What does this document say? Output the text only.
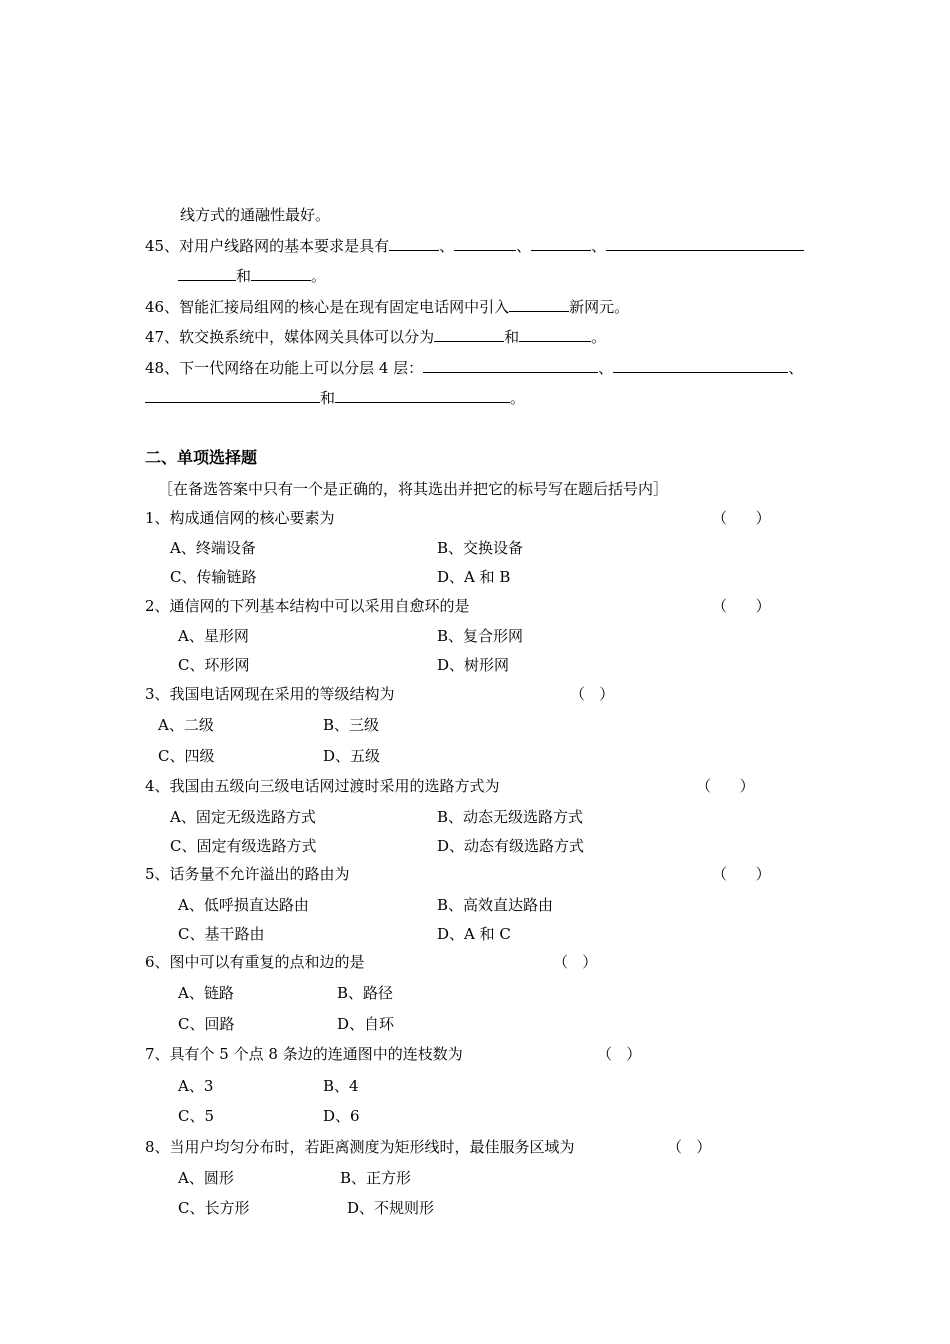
线方式的通融性最好。
45、对用户线路网的基本要求是具有	、	、	、
和	。
46、智能汇接局组网的核心是在现有固定电话网中引入	新网元。
47、软交换系统中，媒体网关具体可以分为	和	。
48、下一代网络在功能上可以分层 4 层：	、	、
和	。
二、单项选择题
［在备选答案中只有一个是正确的，将其选出并把它的标号写在题后括号内］
1、构成通信网的核心要素为	（      ）
A、终端设备	B、交换设备
C、传输链路	D、A 和 B
2、通信网的下列基本结构中可以采用自愈环的是	（      ）
A、星形网	B、复合形网
C、环形网	D、树形网
3、我国电话网现在采用的等级结构为	（   ）
A、二级	B、三级
C、四级	D、五级
4、我国由五级向三级电话网过渡时采用的选路方式为	（      ）
A、固定无级选路方式	B、动态无级选路方式
C、固定有级选路方式	D、动态有级选路方式
5、话务量不允许溢出的路由为	（      ）
A、低呼损直达路由	B、高效直达路由
C、基干路由	D、A 和 C
6、图中可以有重复的点和边的是	（   ）
A、链路	B、路径
C、回路	D、自环
7、具有个 5 个点 8 条边的连通图中的连枝数为	（   ）
A、3	B、4
C、5	D、6
8、当用户均匀分布时，若距离测度为矩形线时，最佳服务区域为	（   ）
A、圆形	B、正方形
C、长方形	D、不规则形
